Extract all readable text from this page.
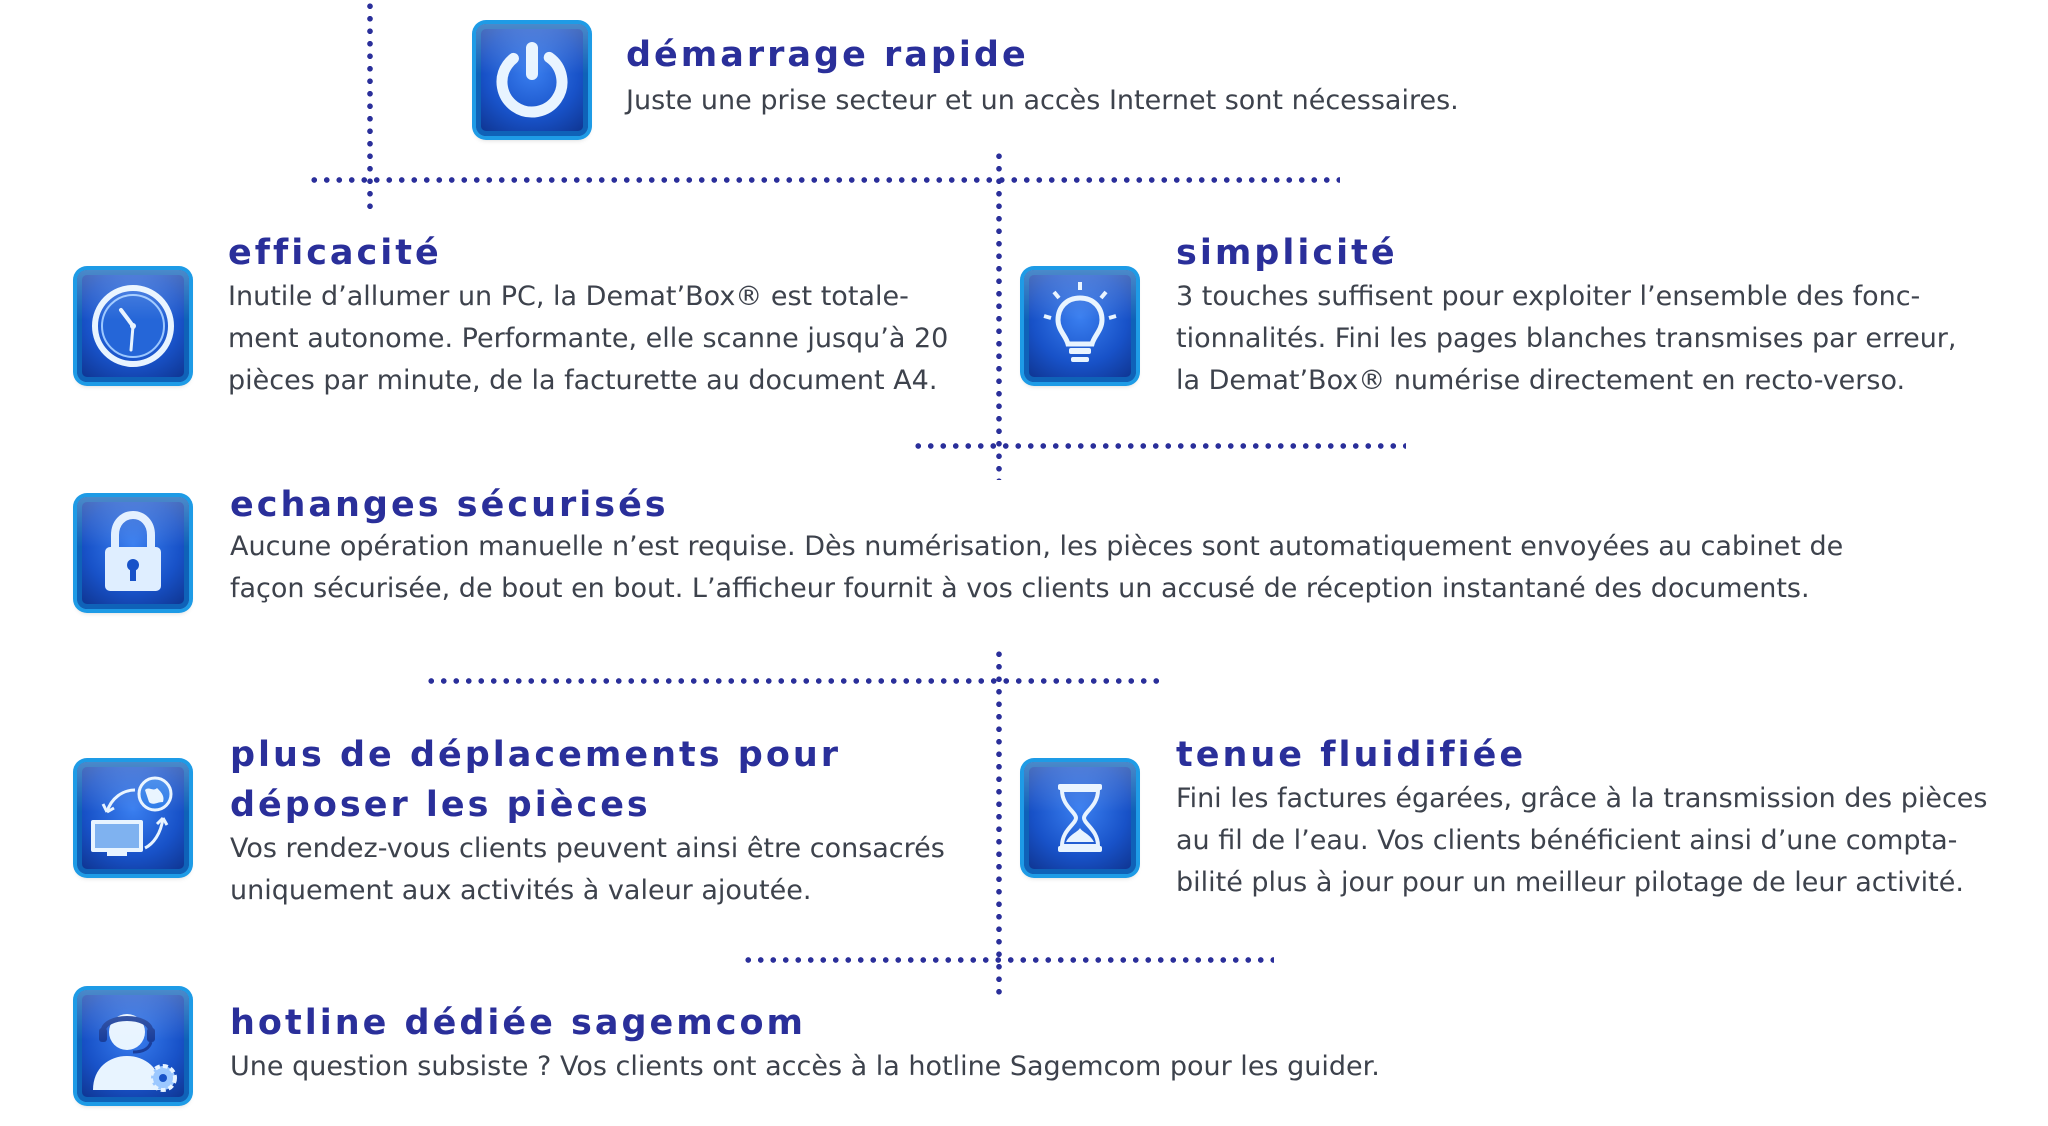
démarrage rapide
Juste une prise secteur et un accès Internet sont nécessaires.
efficacité
Inutile d’allumer un PC, la Demat’Box® est totale-
ment autonome. Performante, elle scanne jusqu’à 20
pièces par minute, de la facturette au document A4.
simplicité
3 touches suffisent pour exploiter l’ensemble des fonc-
tionnalités. Fini les pages blanches transmises par erreur,
la Demat’Box® numérise directement en recto-verso.
echanges sécurisés
Aucune opération manuelle n’est requise. Dès numérisation, les pièces sont automatiquement envoyées au cabinet de
façon sécurisée, de bout en bout. L’afficheur fournit à vos clients un accusé de réception instantané des documents.
plus de déplacements pour
déposer les pièces
Vos rendez-vous clients peuvent ainsi être consacrés
uniquement aux activités à valeur ajoutée.
tenue fluidifiée
Fini les factures égarées, grâce à la transmission des pièces
au fil de l’eau. Vos clients bénéficient ainsi d’une compta-
bilité plus à jour pour un meilleur pilotage de leur activité.
hotline dédiée sagemcom
Une question subsiste ? Vos clients ont accès à la hotline Sagemcom pour les guider.
